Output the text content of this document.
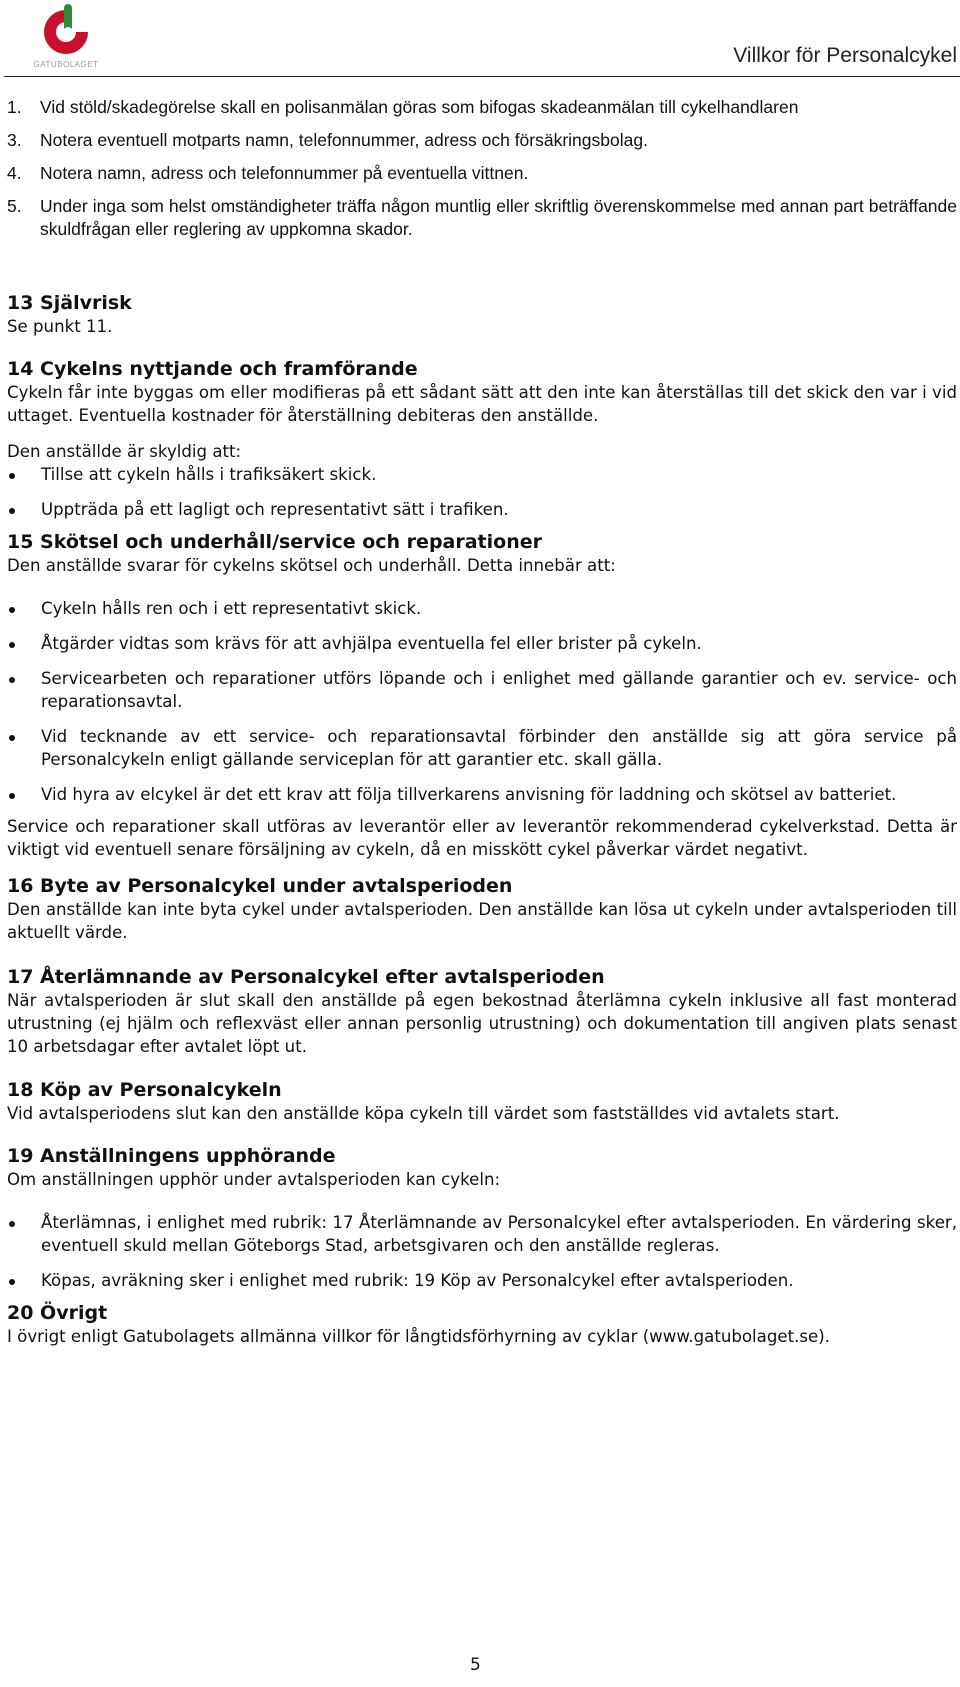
GATUBOLAGET	Villkor för Personalcykel
1. Vid stöld/skadegörelse skall en polisanmälan göras som bifogas skadeanmälan till cykelhandlaren
3. Notera eventuell motparts namn, telefonnummer, adress och försäkringsbolag.
4. Notera namn, adress och telefonnummer på eventuella vittnen.
5. Under inga som helst omständigheter träffa någon muntlig eller skriftlig överenskommelse med annan part beträffande skuldfrågan eller reglering av uppkomna skador.
13 Självrisk

Se punkt 11.

14 Cykelns nyttjande och framförande

Cykeln får inte byggas om eller modifieras på ett sådant sätt att den inte kan återställas till det skick den var i vid uttaget. Eventuella kostnader för återställning debiteras den anställde.

Den anställde är skyldig att:

Tillse att cykeln hålls i trafiksäkert skick.
Uppträda på ett lagligt och representativt sätt i trafiken.
15 Skötsel och underhåll/service och reparationer

Den anställde svarar för cykelns skötsel och underhåll. Detta innebär att:

Cykeln hålls ren och i ett representativt skick.
Åtgärder vidtas som krävs för att avhjälpa eventuella fel eller brister på cykeln.
Servicearbeten och reparationer utförs löpande och i enlighet med gällande garantier och ev. service- och reparationsavtal.
Vid tecknande av ett service- och reparationsavtal förbinder den anställde sig att göra service på Personalcykeln enligt gällande serviceplan för att garantier etc. skall gälla.
Vid hyra av elcykel är det ett krav att följa tillverkarens anvisning för laddning och skötsel av batteriet.

Service och reparationer skall utföras av leverantör eller av leverantör rekommenderad cykelverkstad. Detta är viktigt vid eventuell senare försäljning av cykeln, då en misskött cykel påverkar värdet negativt.

16 Byte av Personalcykel under avtalsperioden

Den anställde kan inte byta cykel under avtalsperioden. Den anställde kan lösa ut cykeln under avtalsperioden till aktuellt värde.

17 Återlämnande av Personalcykel efter avtalsperioden

När avtalsperioden är slut skall den anställde på egen bekostnad återlämna cykeln inklusive all fast monterad utrustning (ej hjälm och reflexväst eller annan personlig utrustning) och dokumentation till angiven plats senast 10 arbetsdagar efter avtalet löpt ut.

18 Köp av Personalcykeln

Vid avtalsperiodens slut kan den anställde köpa cykeln till värdet som fastställdes vid avtalets start.

19 Anställningens upphörande

Om anställningen upphör under avtalsperioden kan cykeln:

Återlämnas, i enlighet med rubrik: 17 Återlämnande av Personalcykel efter avtalsperioden. En värdering sker, eventuell skuld mellan Göteborgs Stad, arbetsgivaren och den anställde regleras.
Köpas, avräkning sker i enlighet med rubrik: 19 Köp av Personalcykel efter avtalsperioden.
20 Övrigt

I övrigt enligt Gatubolagets allmänna villkor för långtidsförhyrning av cyklar (www.gatubolaget.se).

5
